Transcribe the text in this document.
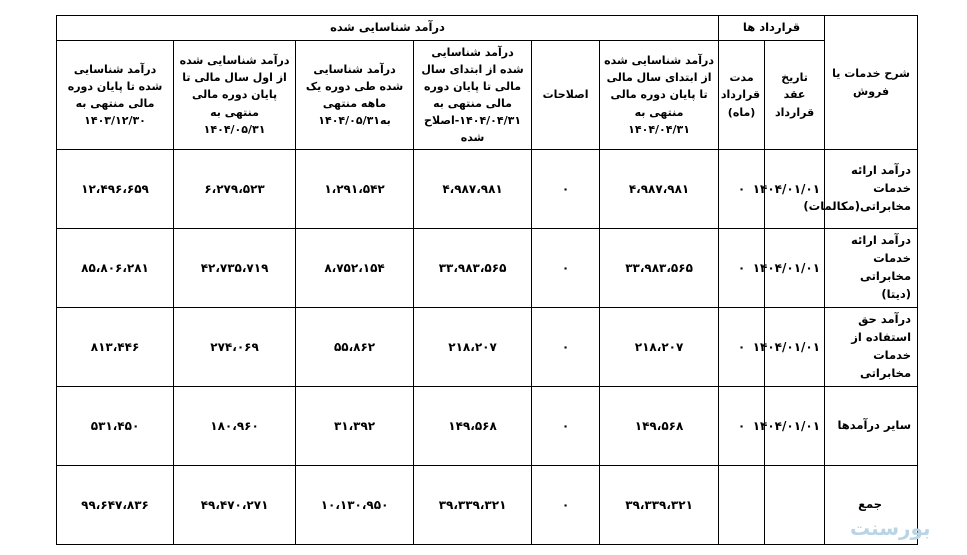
شرح خدمات یا فروش	قرارداد ها		درآمد شناسایی شده					
	تاریخ عقد قرارداد	مدت قرارداد (ماه)	درآمد شناسایی شده از ابتدای سال مالی تا پایان دوره مالی منتهی به ۱۴۰۴/۰۴/۳۱	اصلاحات	درآمد شناسایی شده از ابتدای سال مالی تا پایان دوره مالی منتهی به ۱۴۰۴/۰۴/۳۱-اصلاح شده	درآمد شناسایی شده طی دوره یک ماهه منتهی به۱۴۰۴/۰۵/۳۱	درآمد شناسایی شده از اول سال مالی تا پایان دوره مالی منتهی به ۱۴۰۴/۰۵/۳۱	درآمد شناسایی شده تا پایان دوره مالی منتهی به ۱۴۰۳/۱۲/۳۰
درآمد ارائه خدمات مخابراتی(مکالمات)	۱۴۰۴/۰۱/۰۱	۰	۴،۹۸۷،۹۸۱	۰	۴،۹۸۷،۹۸۱	۱،۲۹۱،۵۴۲	۶،۲۷۹،۵۲۳	۱۲،۴۹۶،۶۵۹
درآمد ارائه خدمات مخابراتی (دیتا)	۱۴۰۴/۰۱/۰۱	۰	۳۳،۹۸۳،۵۶۵	۰	۳۳،۹۸۳،۵۶۵	۸،۷۵۲،۱۵۴	۴۲،۷۳۵،۷۱۹	۸۵،۸۰۶،۲۸۱
درآمد حق استفاده از خدمات مخابراتی	۱۴۰۴/۰۱/۰۱	۰	۲۱۸،۲۰۷	۰	۲۱۸،۲۰۷	۵۵،۸۶۲	۲۷۴،۰۶۹	۸۱۳،۴۴۶
سایر درآمدها	۱۴۰۴/۰۱/۰۱	۰	۱۴۹،۵۶۸	۰	۱۴۹،۵۶۸	۳۱،۳۹۲	۱۸۰،۹۶۰	۵۳۱،۴۵۰
جمع			۳۹،۳۳۹،۳۲۱	۰	۳۹،۳۳۹،۳۲۱	۱۰،۱۳۰،۹۵۰	۴۹،۴۷۰،۲۷۱	۹۹،۶۴۷،۸۳۶
بورسنت
